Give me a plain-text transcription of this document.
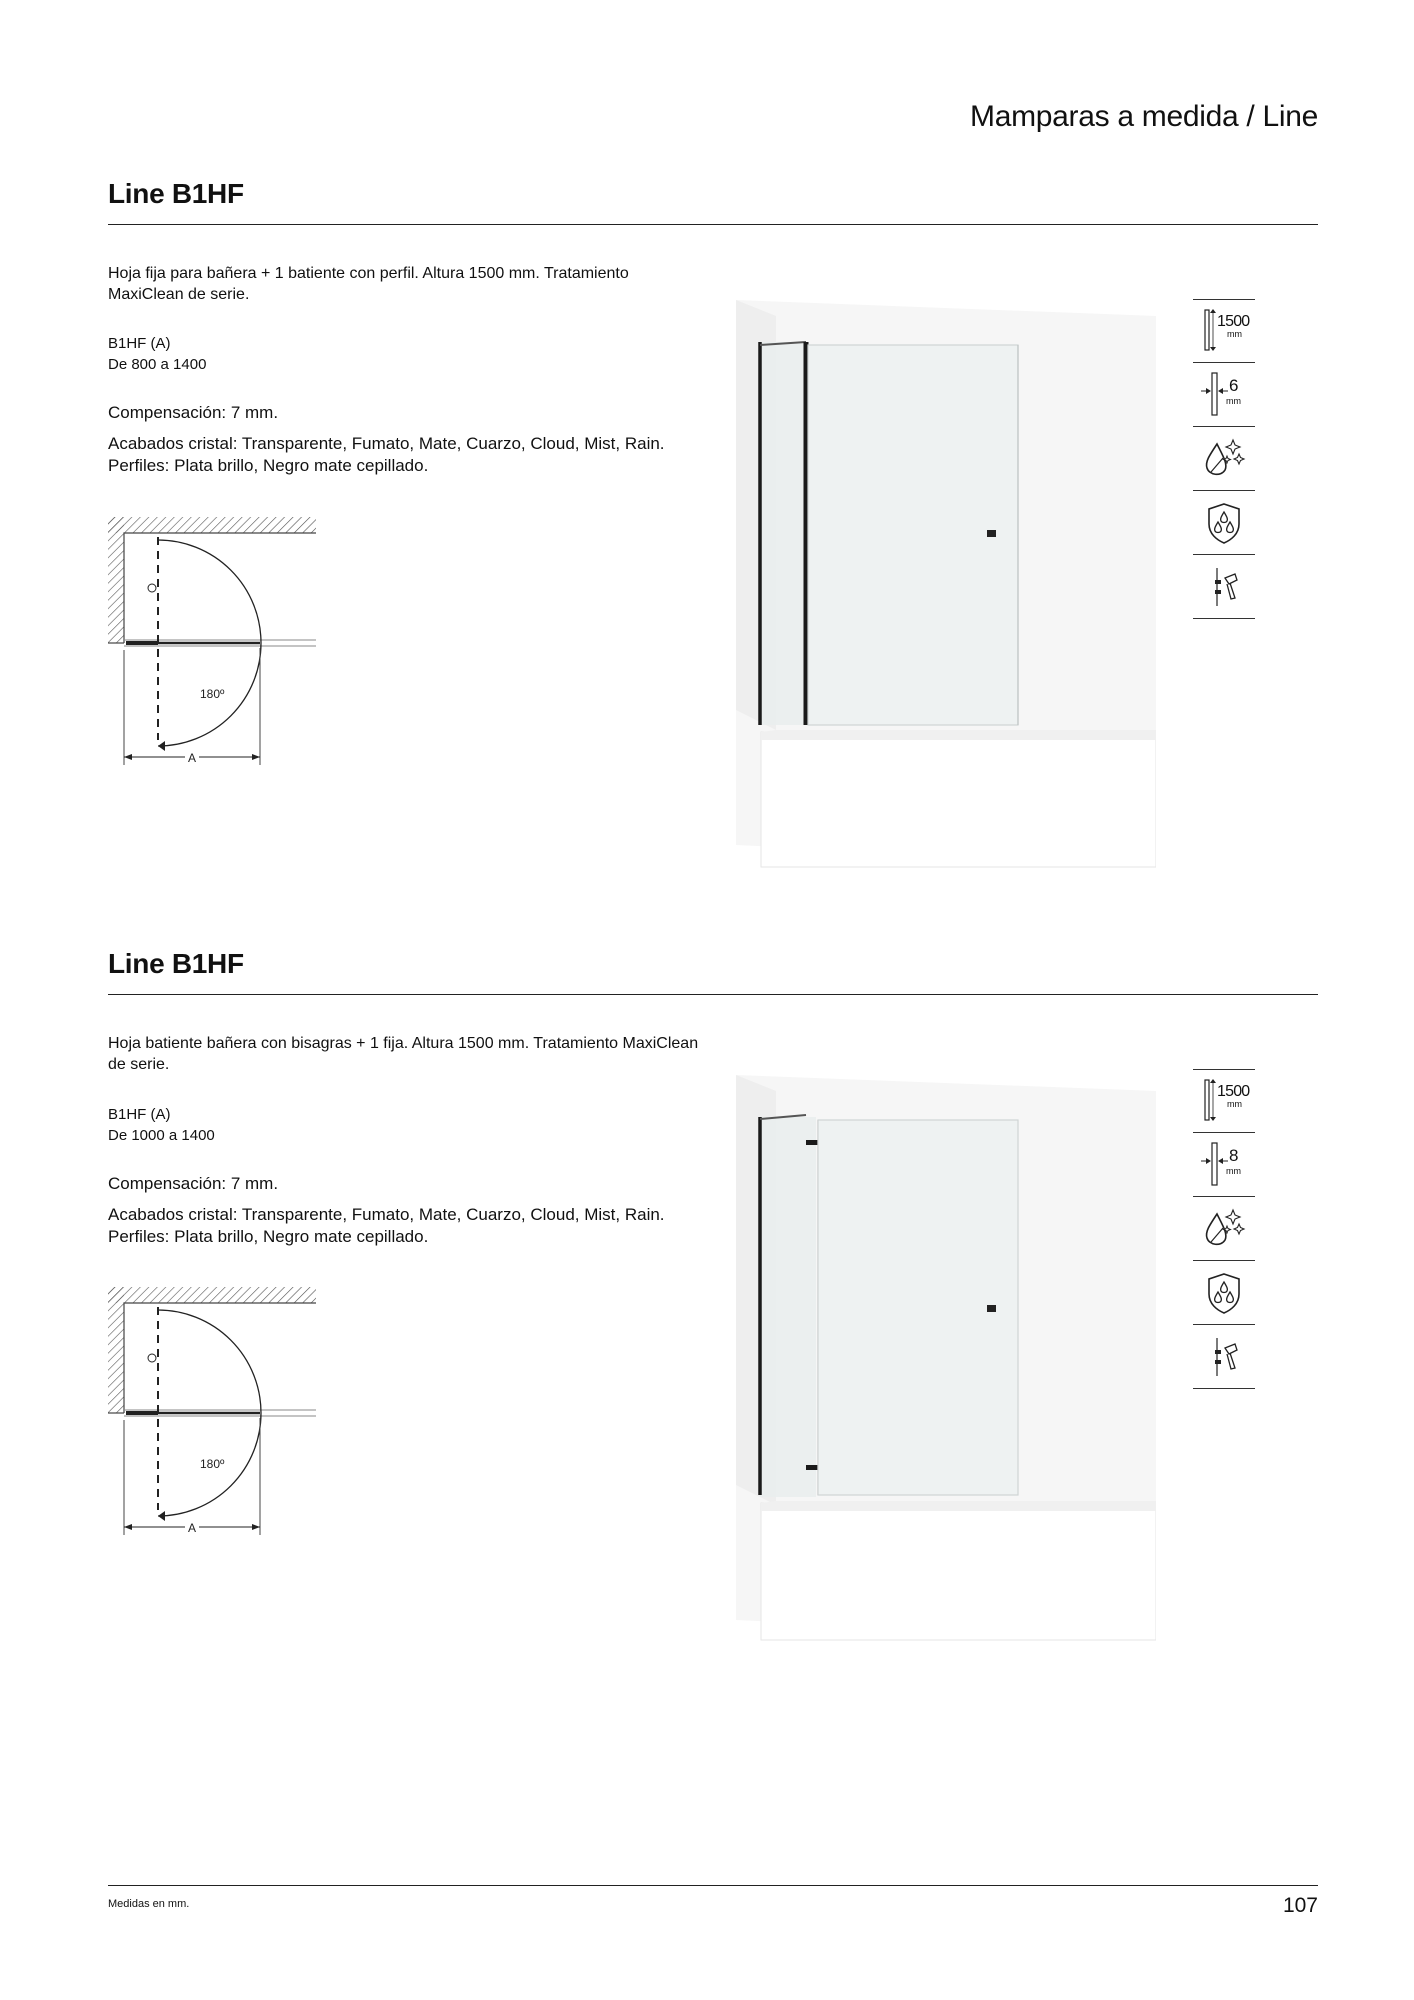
Mamparas a medida / Line
Line B1HF
Hoja fija para bañera + 1 batiente con perfil. Altura 1500 mm. Tratamiento MaxiClean de serie.
B1HF (A)
De 800 a 1400
Compensación: 7 mm.
Acabados cristal: Transparente, Fumato, Mate, Cuarzo, Cloud, Mist, Rain.
Perfiles: Plata brillo, Negro mate cepillado.
180º
A
1500
mm
6
mm
Line B1HF
Hoja batiente bañera con bisagras + 1 fija. Altura 1500 mm. Tratamiento MaxiClean de serie.
B1HF (A)
De 1000 a 1400
Compensación: 7 mm.
Acabados cristal: Transparente, Fumato, Mate, Cuarzo, Cloud, Mist, Rain.
Perfiles: Plata brillo, Negro mate cepillado.
180º
A
1500
mm
8
mm
Medidas en mm.	107
